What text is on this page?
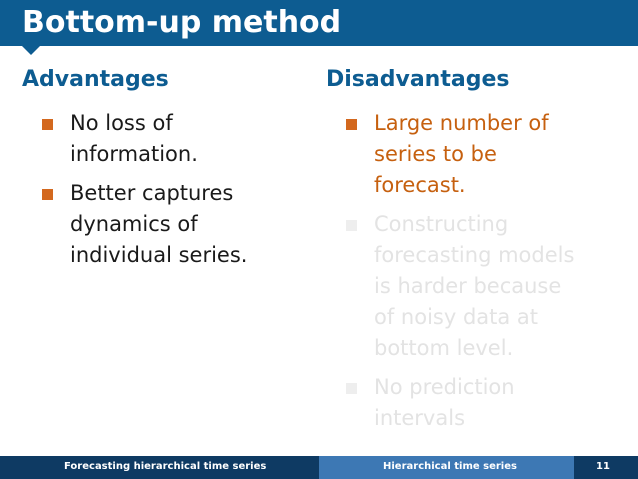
Bottom-up method
Advantages
No loss of
information.
Better captures
dynamics of
individual series.
Disadvantages
Large number of
series to be
forecast.
Constructing
forecasting models
is harder because
of noisy data at
bottom level.
No prediction
intervals
Forecasting hierarchical time series	Hierarchical time series	11
